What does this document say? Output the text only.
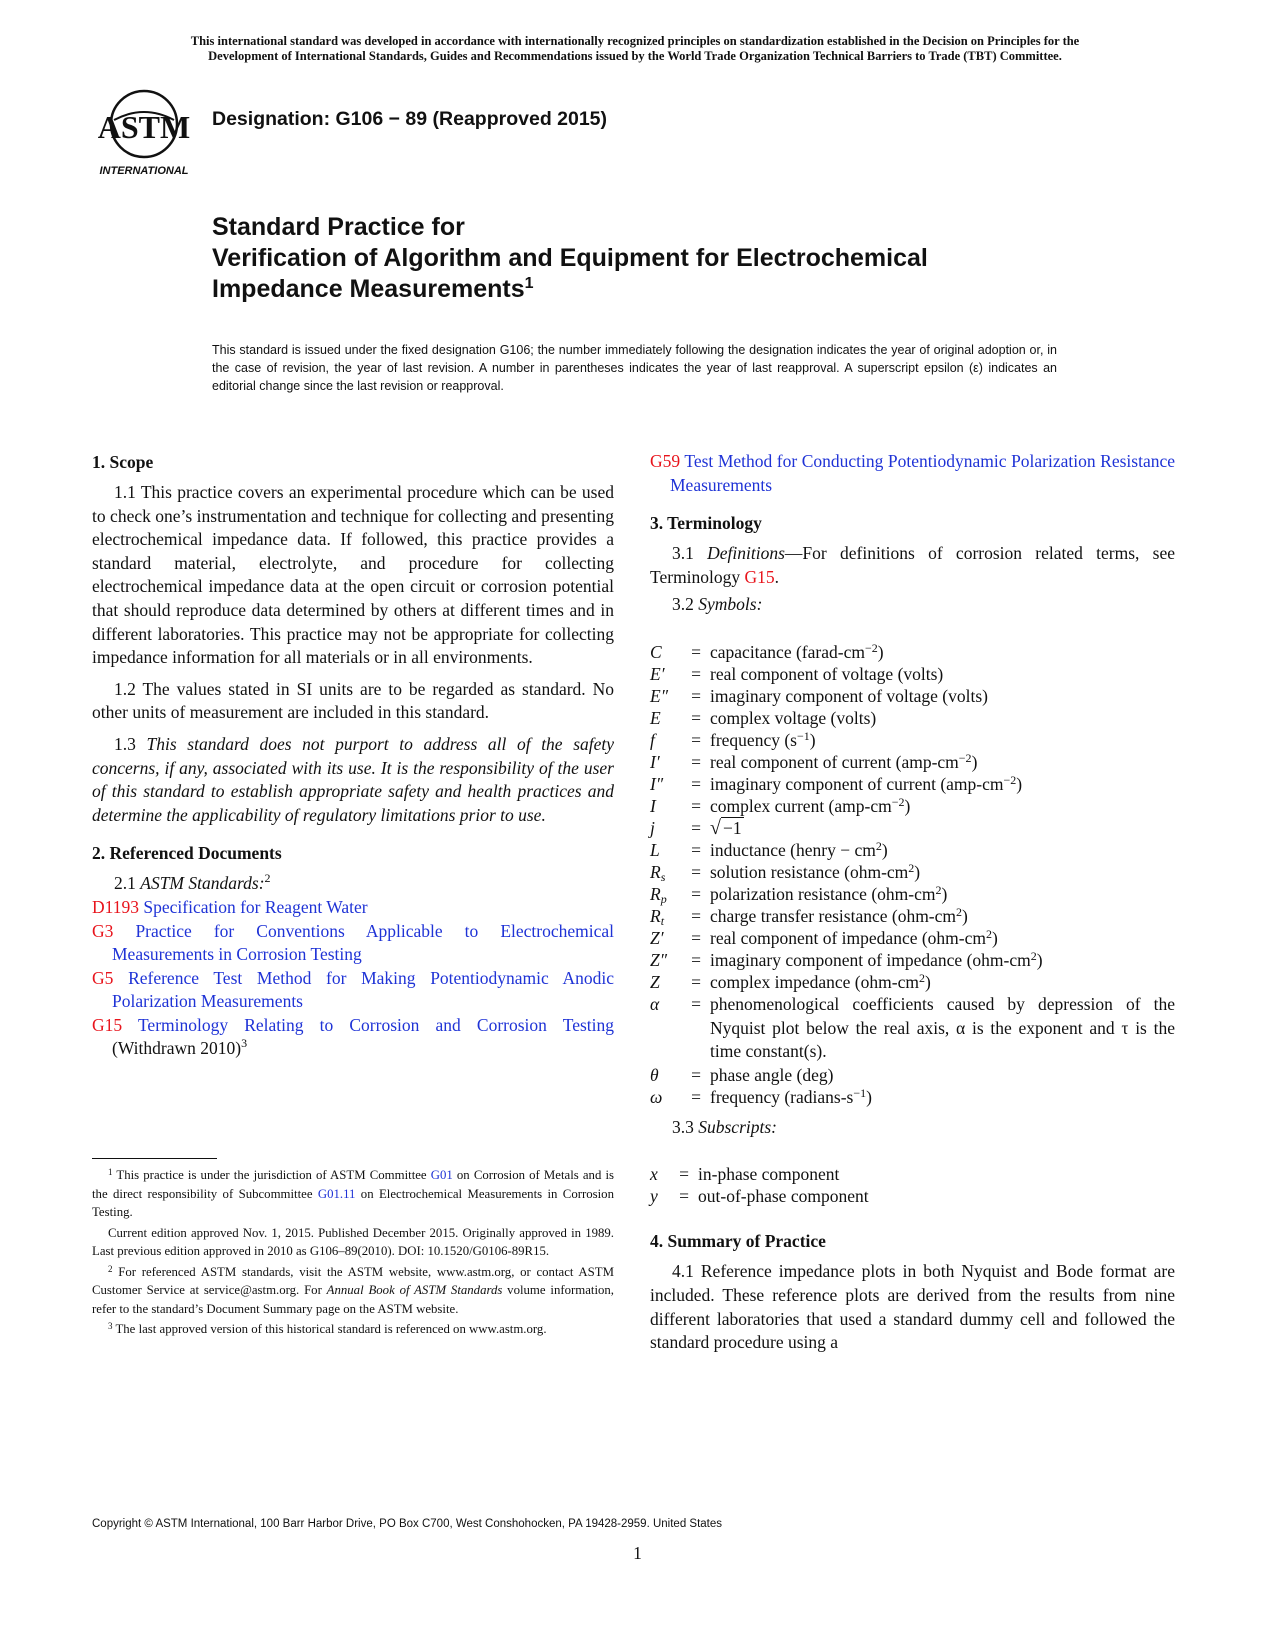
This international standard was developed in accordance with internationally recognized principles on standardization established in the Decision on Principles for the
Development of International Standards, Guides and Recommendations issued by the World Trade Organization Technical Barriers to Trade (TBT) Committee.
ASTM
INTERNATIONAL
Designation: G106 − 89 (Reapproved 2015)
Standard Practice for
Verification of Algorithm and Equipment for Electrochemical
Impedance Measurements$^1$
This standard is issued under the fixed designation G106; the number immediately following the designation indicates the year of original adoption or, in the case of revision, the year of last revision. A number in parentheses indicates the year of last reapproval. A superscript epsilon (ε) indicates an editorial change since the last revision or reapproval.
1. Scope

1.1 This practice covers an experimental procedure which can be used to check one’s instrumentation and technique for collecting and presenting electrochemical impedance data. If followed, this practice provides a standard material, electrolyte, and procedure for collecting electrochemical impedance data at the open circuit or corrosion potential that should reproduce data determined by others at different times and in different laboratories. This practice may not be appropriate for collecting impedance information for all materials or in all environments.

1.2 The values stated in SI units are to be regarded as standard. No other units of measurement are included in this standard.

1.3 This standard does not purport to address all of the safety concerns, if any, associated with its use. It is the responsibility of the user of this standard to establish appropriate safety and health practices and determine the applicability of regulatory limitations prior to use.

2. Referenced Documents

2.1 ASTM Standards:$^2$

D1193 Specification for Reagent Water
G3 Practice for Conventions Applicable to Electrochemical Measurements in Corrosion Testing
G5 Reference Test Method for Making Potentiodynamic Anodic Polarization Measurements
G15 Terminology Relating to Corrosion and Corrosion Testing (Withdrawn 2010)$^3$

$^1$ This practice is under the jurisdiction of ASTM Committee G01 on Corrosion of Metals and is the direct responsibility of Subcommittee G01.11 on Electrochemical Measurements in Corrosion Testing.

Current edition approved Nov. 1, 2015. Published December 2015. Originally approved in 1989. Last previous edition approved in 2010 as G106–89(2010). DOI: 10.1520/G0106-89R15.

$^2$ For referenced ASTM standards, visit the ASTM website, www.astm.org, or contact ASTM Customer Service at service@astm.org. For Annual Book of ASTM Standards volume information, refer to the standard’s Document Summary page on the ASTM website.

$^3$ The last approved version of this historical standard is referenced on www.astm.org.

G59 Test Method for Conducting Potentiodynamic Polarization Resistance Measurements
3. Terminology

3.1 Definitions—For definitions of corrosion related terms, see Terminology G15.

3.2 Symbols:

C	=	capacitance $(farad-cm^{-2})$
E′	=	real component of voltage (volts)
E″	=	imaginary component of voltage (volts)
E	=	complex voltage (volts)
f	=	frequency $(s^{-1})$
I′	=	real component of current $(amp-cm^{-2})$
I″	=	imaginary component of current $(amp-cm^{-2})$
I	=	complex current $(amp-cm^{-2})$
j	=	√ −1
L	=	inductance (henry − $cm^2$)
$R_s$	=	solution resistance $(ohm-cm^2)$
$R_p$	=	polarization resistance $(ohm-cm^2)$
$R_t$	=	charge transfer resistance $(ohm-cm^2)$
Z′	=	real component of impedance $(ohm-cm^2)$
Z″	=	imaginary component of impedance $(ohm-cm^2)$
Z	=	complex impedance $(ohm-cm^2)$
α	=	phenomenological coefficients caused by depression of the Nyquist plot below the real axis, α is the exponent and τ is the time constant(s).
θ	=	phase angle (deg)
ω	=	frequency $(radians-s^{-1})$

3.3 Subscripts:

x	=	in-phase component
y	=	out-of-phase component
4. Summary of Practice

4.1 Reference impedance plots in both Nyquist and Bode format are included. These reference plots are derived from the results from nine different laboratories that used a standard dummy cell and followed the standard procedure using a

Copyright © ASTM International, 100 Barr Harbor Drive, PO Box C700, West Conshohocken, PA 19428-2959. United States
1
